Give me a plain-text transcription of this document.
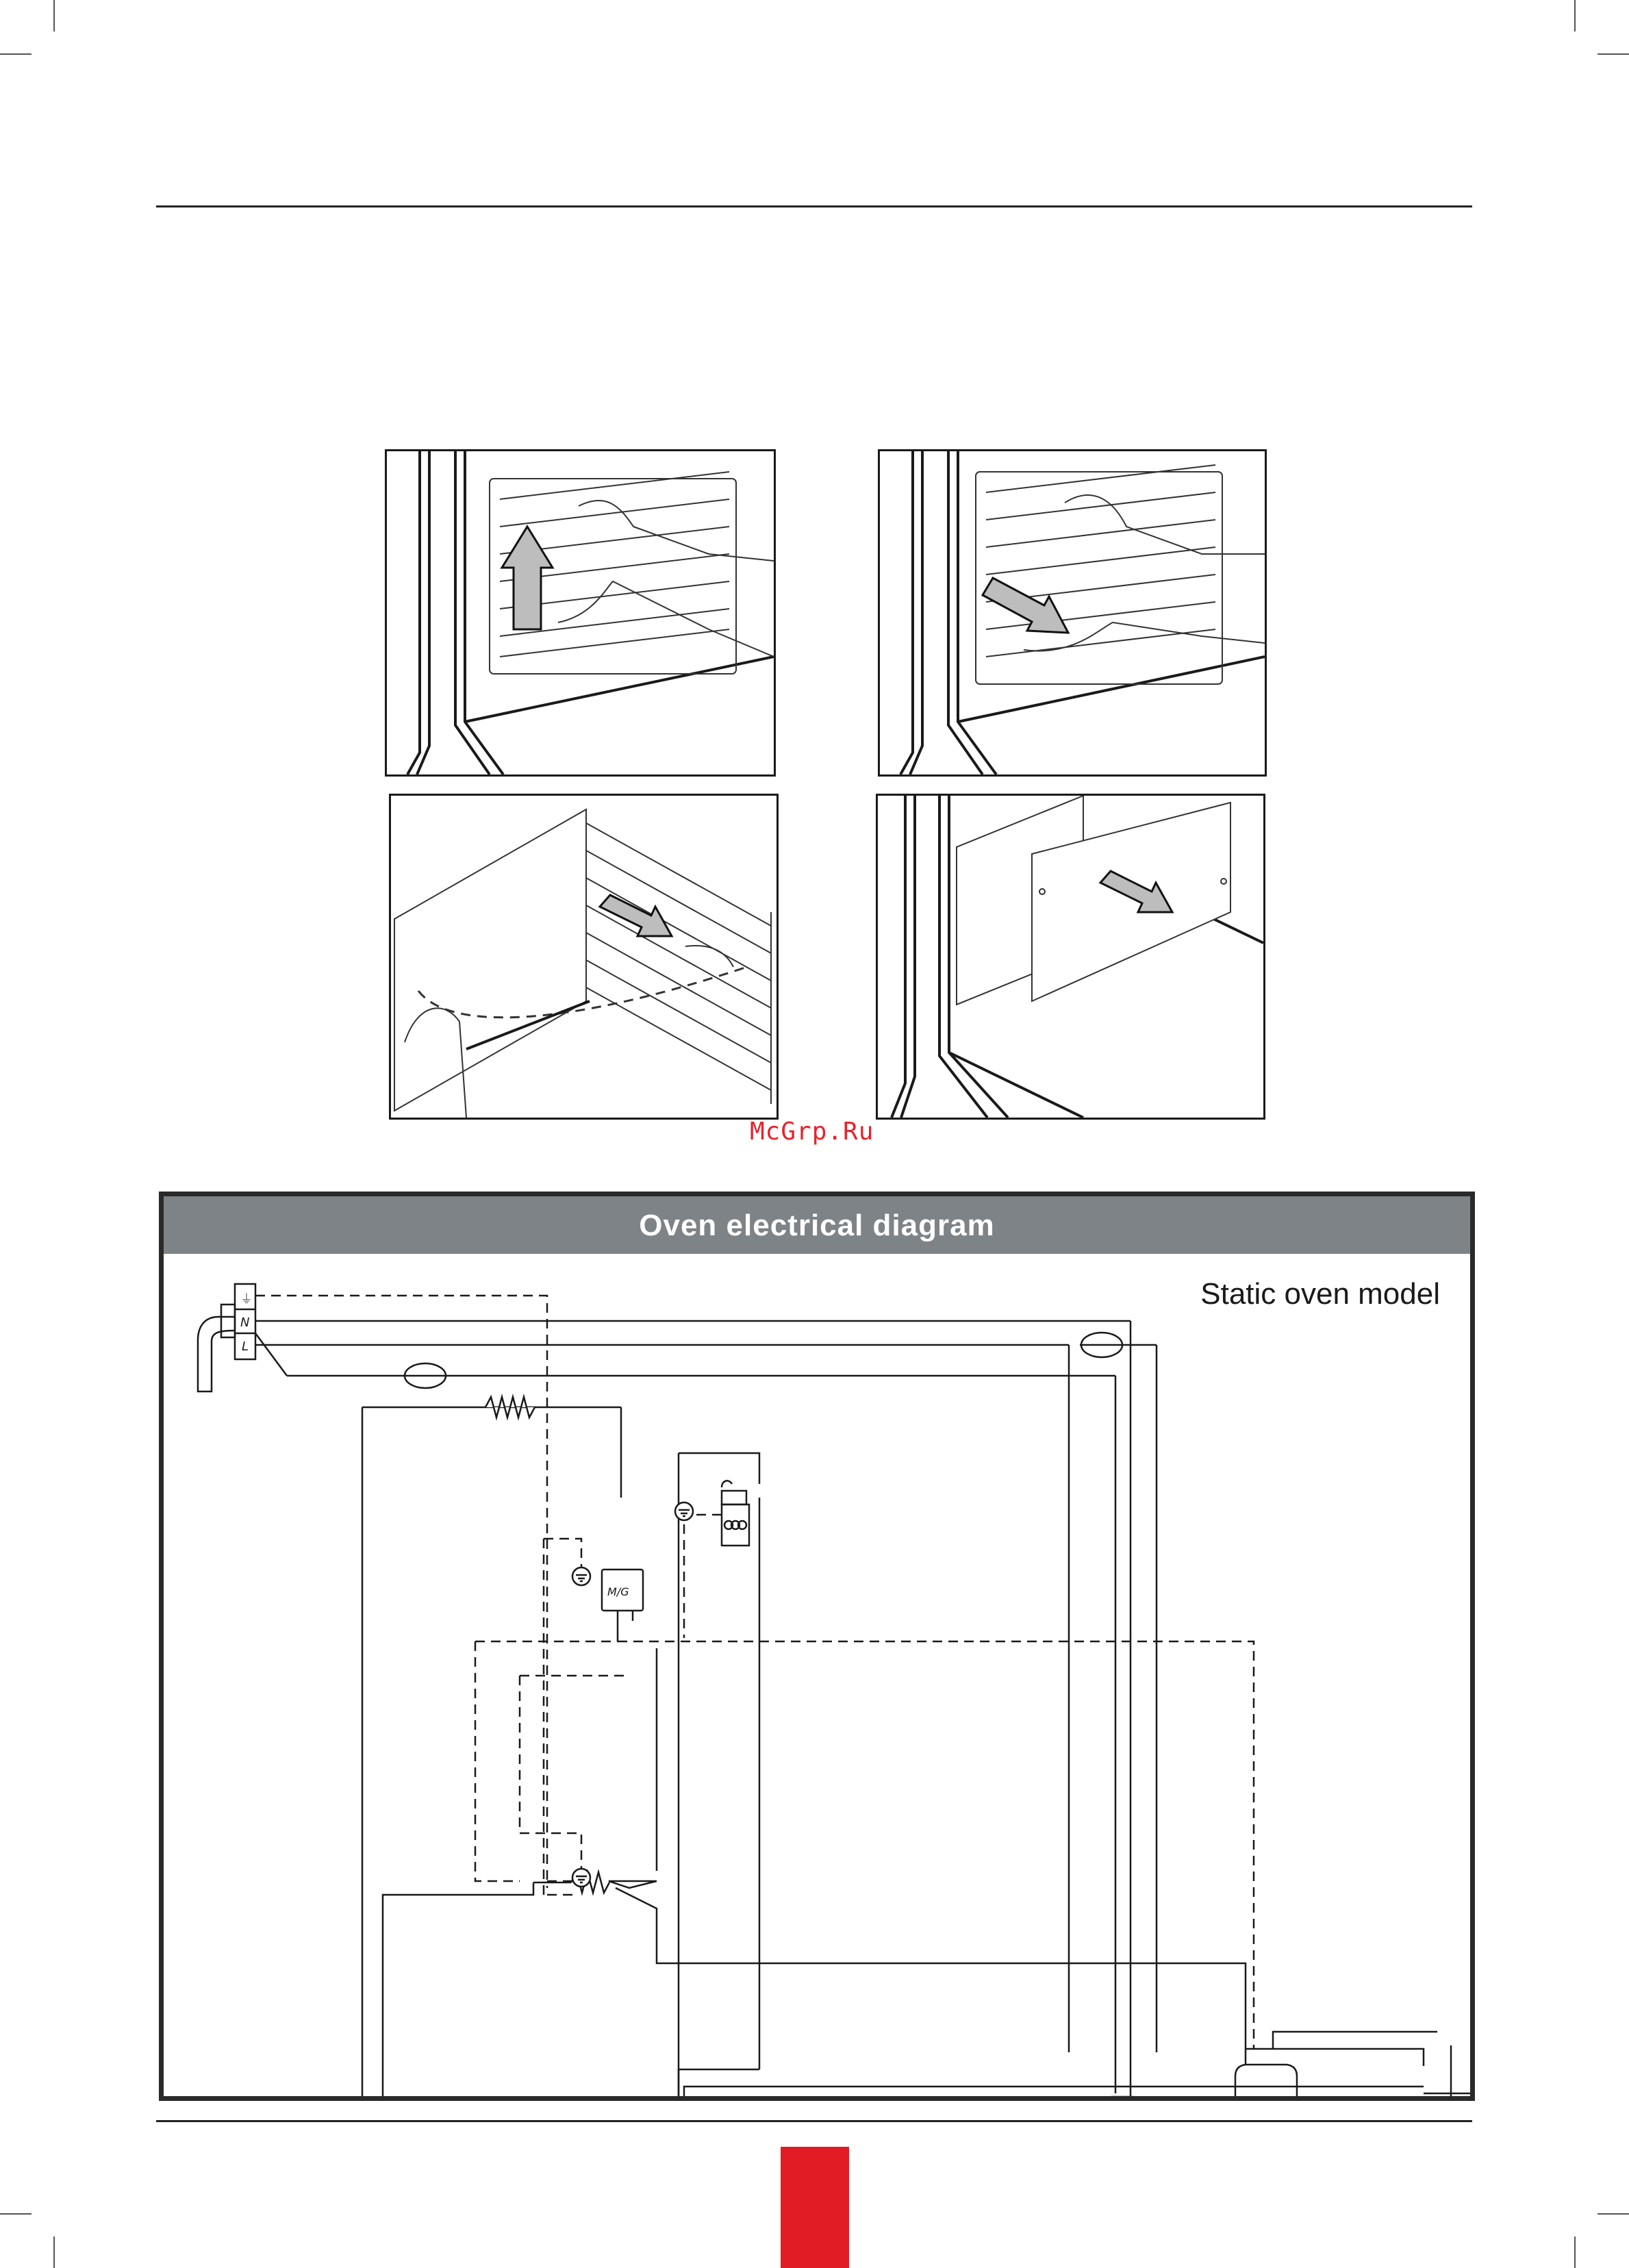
McGrp.Ru
Oven electrical diagram
Static oven model
⏚
N
L
M/G
